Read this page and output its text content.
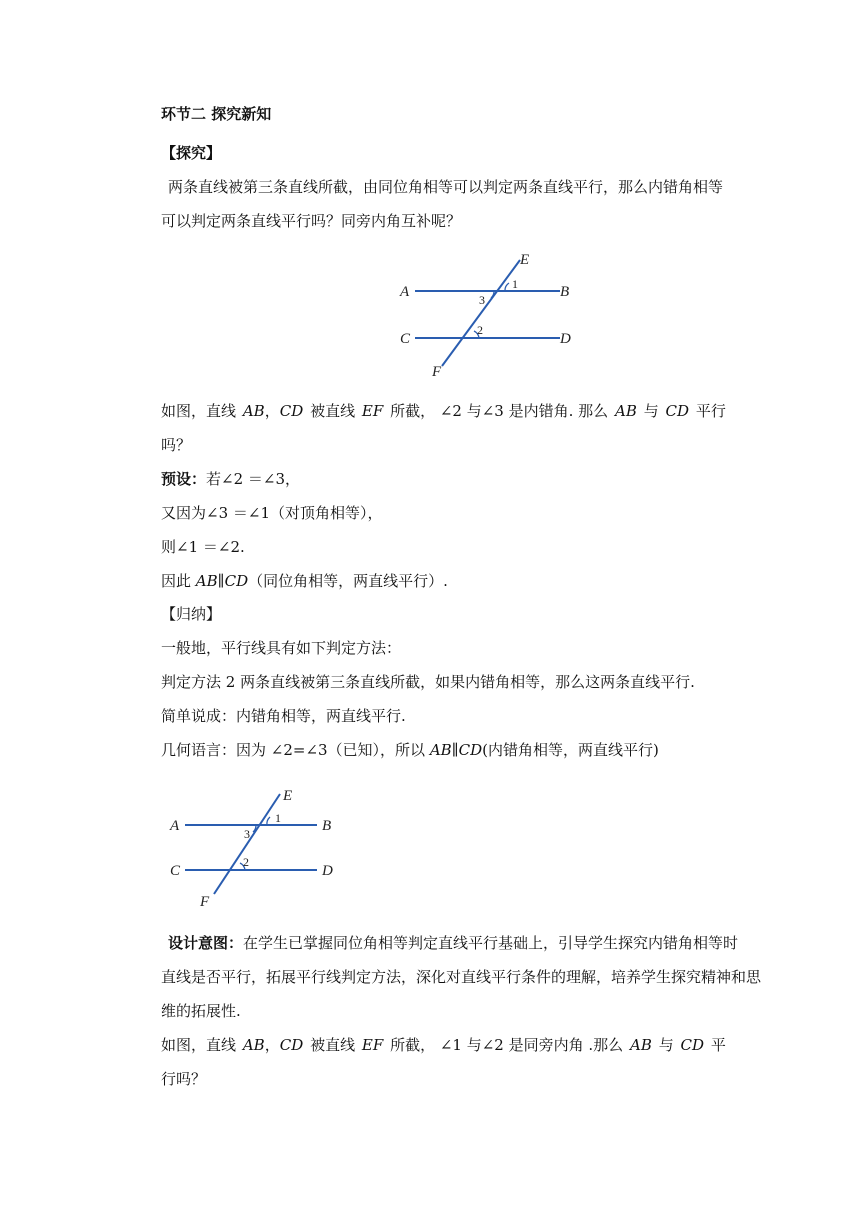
环节二 探究新知
【探究】
两条直线被第三条直线所截，由同位角相等可以判定两条直线平行，那么内错角相等
可以判定两条直线平行吗？同旁内角互补呢？
A	B
C	D
E
F
1
3
2
如图，直线 AB，CD 被直线 EF 所截， ∠2 与∠3 是内错角. 那么 AB 与 CD 平行
吗？
预设：若∠2 ＝∠3，
又因为∠3 ＝∠1（对顶角相等），
则∠1 ＝∠2.
因此 AB∥CD（同位角相等，两直线平行）.
【归纳】
一般地，平行线具有如下判定方法：
判定方法 2 两条直线被第三条直线所截，如果内错角相等，那么这两条直线平行.
简单说成：内错角相等，两直线平行.
几何语言：因为 ∠2=∠3（已知），所以 AB∥CD(内错角相等，两直线平行)
A	B
C	D
E
F
1
3
2
设计意图：在学生已掌握同位角相等判定直线平行基础上，引导学生探究内错角相等时
直线是否平行，拓展平行线判定方法，深化对直线平行条件的理解，培养学生探究精神和思
维的拓展性.
如图，直线 AB，CD 被直线 EF 所截， ∠1 与∠2 是同旁内角 .那么 AB 与 CD 平
行吗？
